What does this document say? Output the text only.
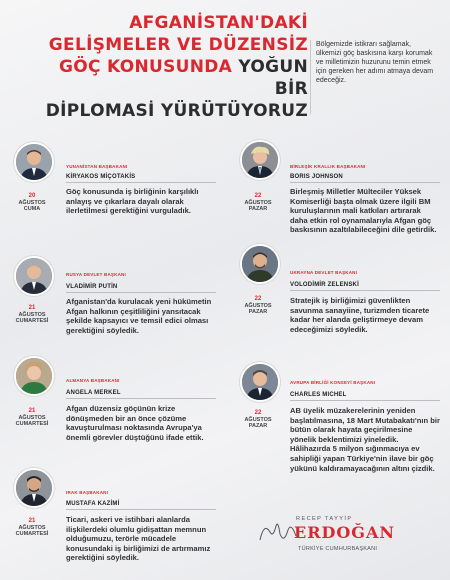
AFGANİSTAN'DAKİ
GELİŞMELER VE DÜZENSİZ
GÖÇ KONUSUNDA YOĞUN BİR
DİPLOMASİ YÜRÜTÜYORUZ
Bölgemizde istikrarı sağlamak, ülkemizi göç baskısına karşı korumak ve milletimizin huzurunu temin etmek için gereken her adımı atmaya devam edeceğiz.
20
AĞUSTOS
CUMA
YUNANİSTAN BAŞBAKANI
KİRYAKOS MİÇOTAKİS
Göç konusunda iş birliğinin karşılıklı anlayış ve çıkarlara dayalı olarak ilerletilmesi gerektiğini vurguladık.
22
AĞUSTOS
PAZAR
BİRLEŞİK KRALLIK BAŞBAKANI
BORIS JOHNSON
Birleşmiş Milletler Mülteciler Yüksek Komiserliği başta olmak üzere ilgili BM kuruluşlarının mali katkıları artırarak daha etkin rol oynamalarıyla Afgan göç baskısının azaltılabileceğini dile getirdik.
21
AĞUSTOS
CUMARTESİ
RUSYA DEVLET BAŞKANI
VLADİMİR PUTİN
Afganistan'da kurulacak yeni hükümetin Afgan halkının çeşitliliğini yansıtacak şekilde kapsayıcı ve temsil edici olması gerektiğini söyledik.
22
AĞUSTOS
PAZAR
UKRAYNA DEVLET BAŞKANI
VOLODİMİR ZELENSKİ
Stratejik iş birliğimizi güvenlikten savunma sanayiine, turizmden ticarete kadar her alanda geliştirmeye devam edeceğimizi söyledik.
21
AĞUSTOS
CUMARTESİ
ALMANYA BAŞBAKANI
ANGELA MERKEL
Afgan düzensiz göçünün krize dönüşmeden bir an önce çözüme kavuşturulması noktasında Avrupa'ya önemli görevler düştüğünü ifade ettik.
22
AĞUSTOS
PAZAR
AVRUPA BİRLİĞİ KONSEYİ BAŞKANI
CHARLES MICHEL
AB üyelik müzakerelerinin yeniden başlatılmasına, 18 Mart Mutabakatı'nın bir bütün olarak hayata geçirilmesine yönelik beklentimizi yineledik. Hâlihazırda 5 milyon sığınmacıya ev sahipliği yapan Türkiye'nin ilave bir göç yükünü kaldıramayacağının altını çizdik.
21
AĞUSTOS
CUMARTESİ
IRAK BAŞBAKANI
MUSTAFA KAZİMİ
Ticari, askeri ve istihbari alanlarda ilişkilerdeki olumlu gidişattan memnun olduğumuzu, terörle mücadele konusundaki iş birliğimizi de artırmamız gerektiğini söyledik.
RECEP TAYYİP
ERDOĞAN
TÜRKİYE CUMHURBAŞKANI
